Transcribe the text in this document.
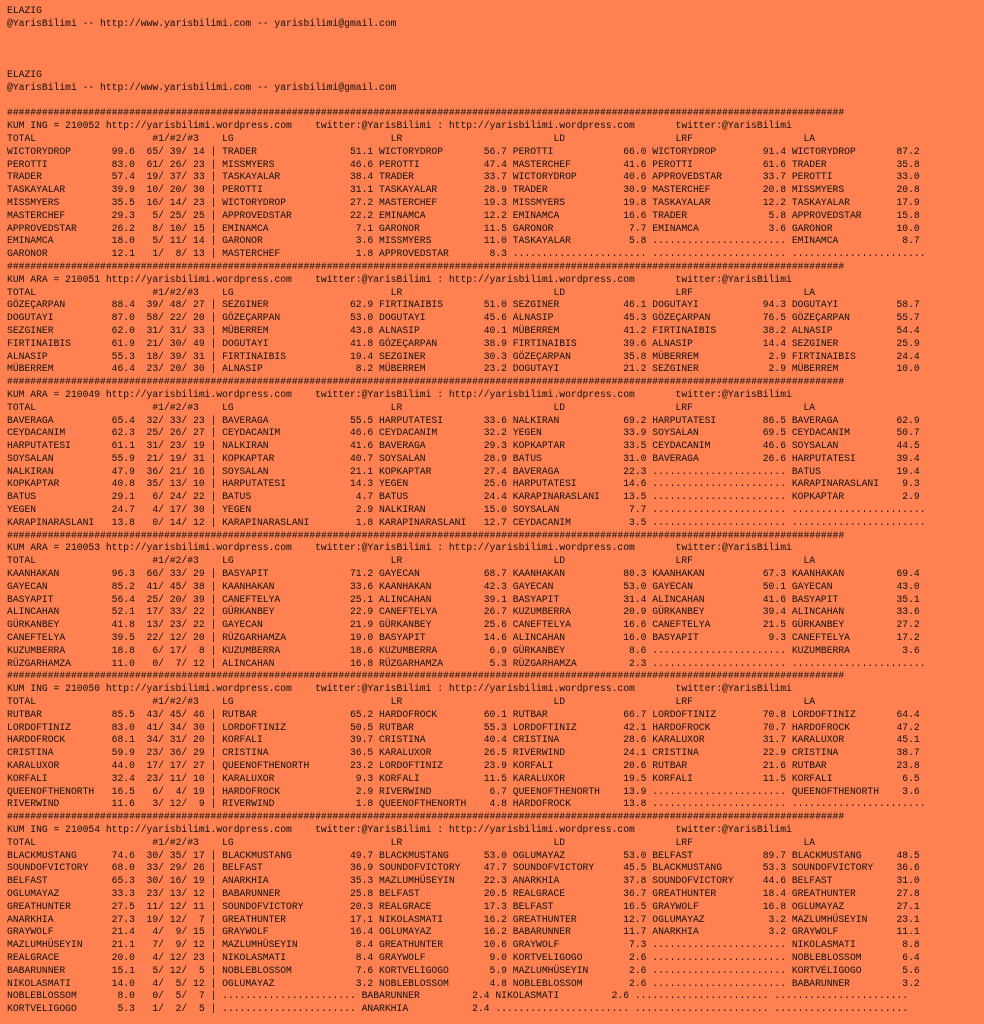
ELAZIG
@YarisBilimi -- http://www.yarisbilimi.com -- yarisbilimi@gmail.com

ELAZIG
@YarisBilimi -- http://www.yarisbilimi.com -- yarisbilimi@gmail.com

################################################################################################################################################
KUM ING = 210052 http://yarisbilimi.wordpress.com    twitter:@YarisBilimi : http://yarisbilimi.wordpress.com       twitter:@YarisBilimi
TOTAL                    #1/#2/#3    LG                           LR                          LD                   LRF                   LA
WICTORYDROP       99.6  65/ 39/ 14 | TRADER                51.1 WICTORYDROP       56.7 PEROTTI            66.0 WICTORYDROP        91.4 WICTORYDROP       87.2
PEROTTI           83.0  61/ 26/ 23 | MISSMYERS             46.6 PEROTTI           47.4 MASTERCHEF         41.6 PEROTTI            61.6 TRADER            35.8
TRADER            57.4  19/ 37/ 33 | TASKAYALAR            38.4 TRADER            33.7 WICTORYDROP        40.6 APPROVEDSTAR       33.7 PEROTTI           33.0
TASKAYALAR        39.9  10/ 20/ 30 | PEROTTI               31.1 TASKAYALAR        28.9 TRADER             30.9 MASTERCHEF         20.8 MISSMYERS         20.8
MISSMYERS         35.5  16/ 14/ 23 | WICTORYDROP           27.2 MASTERCHEF        19.3 MISSMYERS          19.8 TASKAYALAR         12.2 TASKAYALAR        17.9
MASTERCHEF        29.3   5/ 25/ 25 | APPROVEDSTAR          22.2 EMINAMCA          12.2 EMINAMCA           16.6 TRADER              5.8 APPROVEDSTAR      15.8
APPROVEDSTAR      26.2   8/ 10/ 15 | EMINAMCA               7.1 GARONOR           11.5 GARONOR             7.7 EMINAMCA            3.6 GARONOR           10.0
EMINAMCA          18.0   5/ 11/ 14 | GARONOR                3.6 MISSMYERS         11.0 TASKAYALAR          5.8 ....................... EMINAMCA           8.7
GARONOR           12.1   1/  8/ 13 | MASTERCHEF             1.8 APPROVEDSTAR       8.3 ....................... ....................... .......................
################################################################################################################################################
KUM ARA = 210051 http://yarisbilimi.wordpress.com    twitter:@YarisBilimi : http://yarisbilimi.wordpress.com       twitter:@YarisBilimi
TOTAL                    #1/#2/#3    LG                           LR                          LD                   LRF                   LA
GÖZEÇARPAN        88.4  39/ 48/ 27 | SEZGINER              62.9 FIRTINAIBIS       51.0 SEZGINER           46.1 DOGUTAYI           94.3 DOGUTAYI          58.7
DOGUTAYI          87.0  58/ 22/ 20 | GÖZEÇARPAN            53.0 DOGUTAYI          45.6 ALNASIP            45.3 GÖZEÇARPAN         76.5 GÖZEÇARPAN        55.7
SEZGINER          62.0  31/ 31/ 33 | MÜBERREM              43.8 ALNASIP           40.1 MÜBERREM           41.2 FIRTINAIBIS        38.2 ALNASIP           54.4
FIRTINAIBIS       61.9  21/ 30/ 49 | DOGUTAYI              41.8 GÖZEÇARPAN        38.9 FIRTINAIBIS        39.6 ALNASIP            14.4 SEZGINER          25.9
ALNASIP           55.3  18/ 39/ 31 | FIRTINAIBIS           19.4 SEZGINER          30.3 GÖZEÇARPAN         35.8 MÜBERREM            2.9 FIRTINAIBIS       24.4
MÜBERREM          46.4  23/ 20/ 30 | ALNASIP                8.2 MÜBERREM          23.2 DOGUTAYI           21.2 SEZGINER            2.9 MÜBERREM          10.0
################################################################################################################################################
KUM ARA = 210049 http://yarisbilimi.wordpress.com    twitter:@YarisBilimi : http://yarisbilimi.wordpress.com       twitter:@YarisBilimi
TOTAL                    #1/#2/#3    LG                           LR                          LD                   LRF                   LA
BAVERAGA          65.4  32/ 33/ 23 | BAVERAGA              55.5 HARPUTATESI       33.6 NALKIRAN           69.2 HARPUTATESI        86.5 BAVERAGA          62.9
CEYDACANIM        62.3  25/ 26/ 27 | CEYDACANIM            46.6 CEYDACANIM        32.2 YEGEN              33.9 SOYSALAN           69.5 CEYDACANIM        50.7
HARPUTATESI       61.1  31/ 23/ 19 | NALKIRAN              41.6 BAVERAGA          29.3 KOPKAPTAR          33.5 CEYDACANIM         46.6 SOYSALAN          44.5
SOYSALAN          55.9  21/ 19/ 31 | KOPKAPTAR             40.7 SOYSALAN          28.9 BATUS              31.0 BAVERAGA           26.6 HARPUTATESI       39.4
NALKIRAN          47.9  36/ 21/ 16 | SOYSALAN              21.1 KOPKAPTAR         27.4 BAVERAGA           22.3 ....................... BATUS             19.4
KOPKAPTAR         40.8  35/ 13/ 10 | HARPUTATESI           14.3 YEGEN             25.6 HARPUTATESI        14.6 ....................... KARAPINARASLANI    9.3
BATUS             29.1   6/ 24/ 22 | BATUS                  4.7 BATUS             24.4 KARAPINARASLANI    13.5 ....................... KOPKAPTAR          2.9
YEGEN             24.7   4/ 17/ 30 | YEGEN                  2.9 NALKIRAN          15.0 SOYSALAN            7.7 ....................... .......................
KARAPINARASLANI   13.8   0/ 14/ 12 | KARAPINARASLANI        1.8 KARAPINARASLANI   12.7 CEYDACANIM          3.5 ....................... .......................
################################################################################################################################################
KUM ARA = 210053 http://yarisbilimi.wordpress.com    twitter:@YarisBilimi : http://yarisbilimi.wordpress.com       twitter:@YarisBilimi
TOTAL                    #1/#2/#3    LG                           LR                          LD                   LRF                   LA
KAANHAKAN         96.3  66/ 33/ 29 | BASYAPIT              71.2 GAYECAN           68.7 KAANHAKAN          80.3 KAANHAKAN          67.3 KAANHAKAN         69.4
GAYECAN           85.2  41/ 45/ 38 | KAANHAKAN             33.6 KAANHAKAN         42.3 GAYECAN            53.0 GAYECAN            50.1 GAYECAN           43.0
BASYAPIT          56.4  25/ 20/ 39 | CANEFTELYA            25.1 ALINCAHAN         39.1 BASYAPIT           31.4 ALINCAHAN          41.6 BASYAPIT          35.1
ALINCAHAN         52.1  17/ 33/ 22 | GÜRKANBEY             22.9 CANEFTELYA        26.7 KUZUMBERRA         20.9 GÜRKANBEY          39.4 ALINCAHAN         33.6
GÜRKANBEY         41.8  13/ 23/ 22 | GAYECAN               21.9 GÜRKANBEY         25.6 CANEFTELYA         16.6 CANEFTELYA         21.5 GÜRKANBEY         27.2
CANEFTELYA        39.5  22/ 12/ 20 | RÜZGARHAMZA           19.0 BASYAPIT          14.6 ALINCAHAN          16.0 BASYAPIT            9.3 CANEFTELYA        17.2
KUZUMBERRA        18.8   6/ 17/  8 | KUZUMBERRA            18.6 KUZUMBERRA         6.9 GÜRKANBEY           8.6 ....................... KUZUMBERRA         3.6
RÜZGARHAMZA       11.0   0/  7/ 12 | ALINCAHAN             16.8 RÜZGARHAMZA        5.3 RÜZGARHAMZA         2.3 ....................... .......................
################################################################################################################################################
KUM ING = 210050 http://yarisbilimi.wordpress.com    twitter:@YarisBilimi : http://yarisbilimi.wordpress.com       twitter:@YarisBilimi
TOTAL                    #1/#2/#3    LG                           LR                          LD                   LRF                   LA
RUTBAR            85.5  43/ 45/ 46 | RUTBAR                65.2 HARDOFROCK        60.1 RUTBAR             66.7 LORDOFTINIZ        70.8 LORDOFTINIZ       64.4
LORDOFTINIZ       83.0  41/ 34/ 30 | LORDOFTINIZ           50.5 RUTBAR            55.3 LORDOFTINIZ        42.1 HARDOFROCK         70.7 HARDOFROCK        47.2
HARDOFROCK        68.1  34/ 31/ 20 | KORFALI               39.7 CRISTINA          40.4 CRISTINA           28.6 KARALUXOR          31.7 KARALUXOR         45.1
CRISTINA          59.9  23/ 36/ 29 | CRISTINA              36.5 KARALUXOR         26.5 RIVERWIND          24.1 CRISTINA           22.9 CRISTINA          38.7
KARALUXOR         44.0  17/ 17/ 27 | QUEENOFTHENORTH       23.2 LORDOFTINIZ       23.9 KORFALI            20.6 RUTBAR             21.6 RUTBAR            23.8
KORFALI           32.4  23/ 11/ 10 | KARALUXOR              9.3 KORFALI           11.5 KARALUXOR          19.5 KORFALI            11.5 KORFALI            6.5
QUEENOFTHENORTH   16.5   6/  4/ 19 | HARDOFROCK             2.9 RIVERWIND          6.7 QUEENOFTHENORTH    13.9 ....................... QUEENOFTHENORTH    3.6
RIVERWIND         11.6   3/ 12/  9 | RIVERWIND              1.8 QUEENOFTHENORTH    4.8 HARDOFROCK         13.8 ....................... .......................
################################################################################################################################################
KUM ING = 210054 http://yarisbilimi.wordpress.com    twitter:@YarisBilimi : http://yarisbilimi.wordpress.com       twitter:@YarisBilimi
TOTAL                    #1/#2/#3    LG                           LR                          LD                   LRF                   LA
BLACKMUSTANG      74.6  30/ 35/ 17 | BLACKMUSTANG          49.7 BLACKMUSTANG      53.0 OGLUMAYAZ          53.0 BELFAST            89.7 BLACKMUSTANG      48.5
SOUNDOFVICTORY    68.0  33/ 29/ 26 | BELFAST               36.9 SOUNDOFVICTORY    47.7 SOUNDOFVICTORY     45.5 BLACKMUSTANG       53.3 SOUNDOFVICTORY    36.6
BELFAST           65.3  30/ 16/ 19 | ANARKHIA              35.3 MAZLUMHÜSEYIN     22.3 ANARKHIA           37.8 SOUNDOFVICTORY     44.6 BELFAST           31.0
OGLUMAYAZ         33.3  23/ 13/ 12 | BABARUNNER            25.8 BELFAST           20.5 REALGRACE          36.7 GREATHUNTER        18.4 GREATHUNTER       27.8
GREATHUNTER       27.5  11/ 12/ 11 | SOUNDOFVICTORY        20.3 REALGRACE         17.3 BELFAST            16.5 GRAYWOLF           16.8 OGLUMAYAZ         27.1
ANARKHIA          27.3  19/ 12/  7 | GREATHUNTER           17.1 NIKOLASMATI       16.2 GREATHUNTER        12.7 OGLUMAYAZ           3.2 MAZLUMHÜSEYIN     23.1
GRAYWOLF          21.4   4/  9/ 15 | GRAYWOLF              16.4 OGLUMAYAZ         16.2 BABARUNNER         11.7 ANARKHIA            3.2 GRAYWOLF          11.1
MAZLUMHÜSEYIN     21.1   7/  9/ 12 | MAZLUMHÜSEYIN          8.4 GREATHUNTER       10.6 GRAYWOLF            7.3 ....................... NIKOLASMATI        8.8
REALGRACE         20.0   4/ 12/ 23 | NIKOLASMATI            8.4 GRAYWOLF           9.0 KORTVELIGOGO        2.6 ....................... NOBLEBLOSSOM       6.4
BABARUNNER        15.1   5/ 12/  5 | NOBLEBLOSSOM           7.6 KORTVELIGOGO       5.9 MAZLUMHÜSEYIN       2.6 ....................... KORTVELIGOGO       5.6
NIKOLASMATI       14.0   4/  5/ 12 | OGLUMAYAZ              3.2 NOBLEBLOSSOM       4.8 NOBLEBLOSSOM        2.6 ....................... BABARUNNER         3.2
NOBLEBLOSSOM       8.0   0/  5/  7 | ....................... BABARUNNER         2.4 NIKOLASMATI         2.6 ....................... .......................
KORTVELIGOGO       5.3   1/  2/  5 | ....................... ANARKHIA           2.4 ....................... ....................... .......................
